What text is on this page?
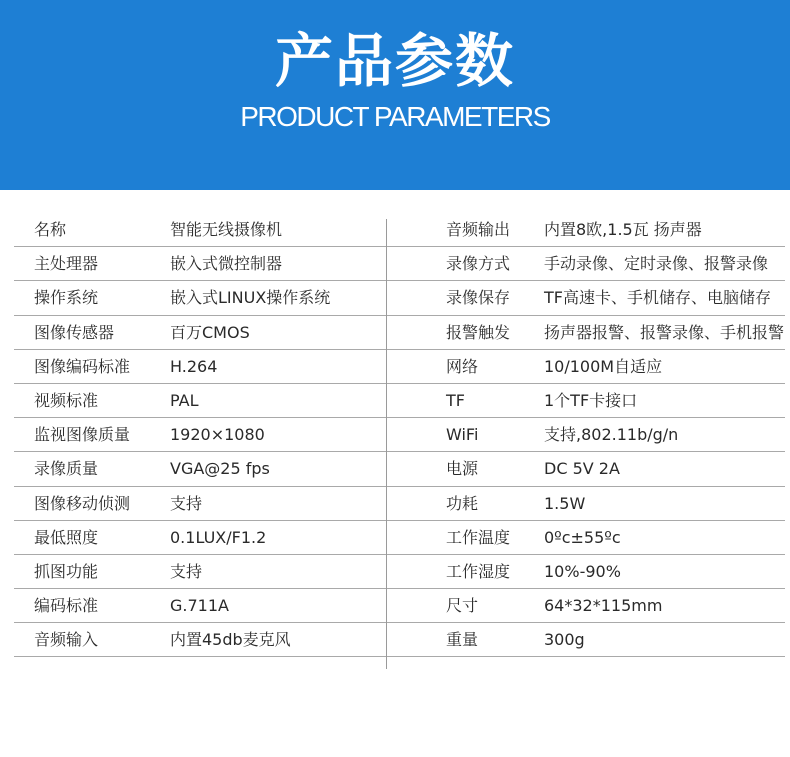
产品参数
PRODUCT PARAMETERS
名称	智能无线摄像机	音频输出 内置8欧,1.5瓦 扬声器
主处理器	嵌入式微控制器	录像方式 手动录像、定时录像、报警录像
操作系统	嵌入式LINUX操作系统	录像保存 TF高速卡、手机储存、电脑储存
图像传感器	百万CMOS	报警触发 扬声器报警、报警录像、手机报警
图像编码标准 H.264	网络	10/100M自适应
视频标准	PAL	TF	1个TF卡接口
监视图像质量 1920×1080	WiFi	支持,802.11b/g/n
录像质量	VGA@25 fps	电源	DC 5V 2A
图像移动侦测 支持	功耗	1.5W
最低照度	0.1LUX/F1.2	工作温度 0ºc±55ºc
抓图功能	支持	工作湿度 10%-90%
编码标准	G.711A	尺寸	64*32*115mm
音频输入	内置45db麦克风	重量	300g
